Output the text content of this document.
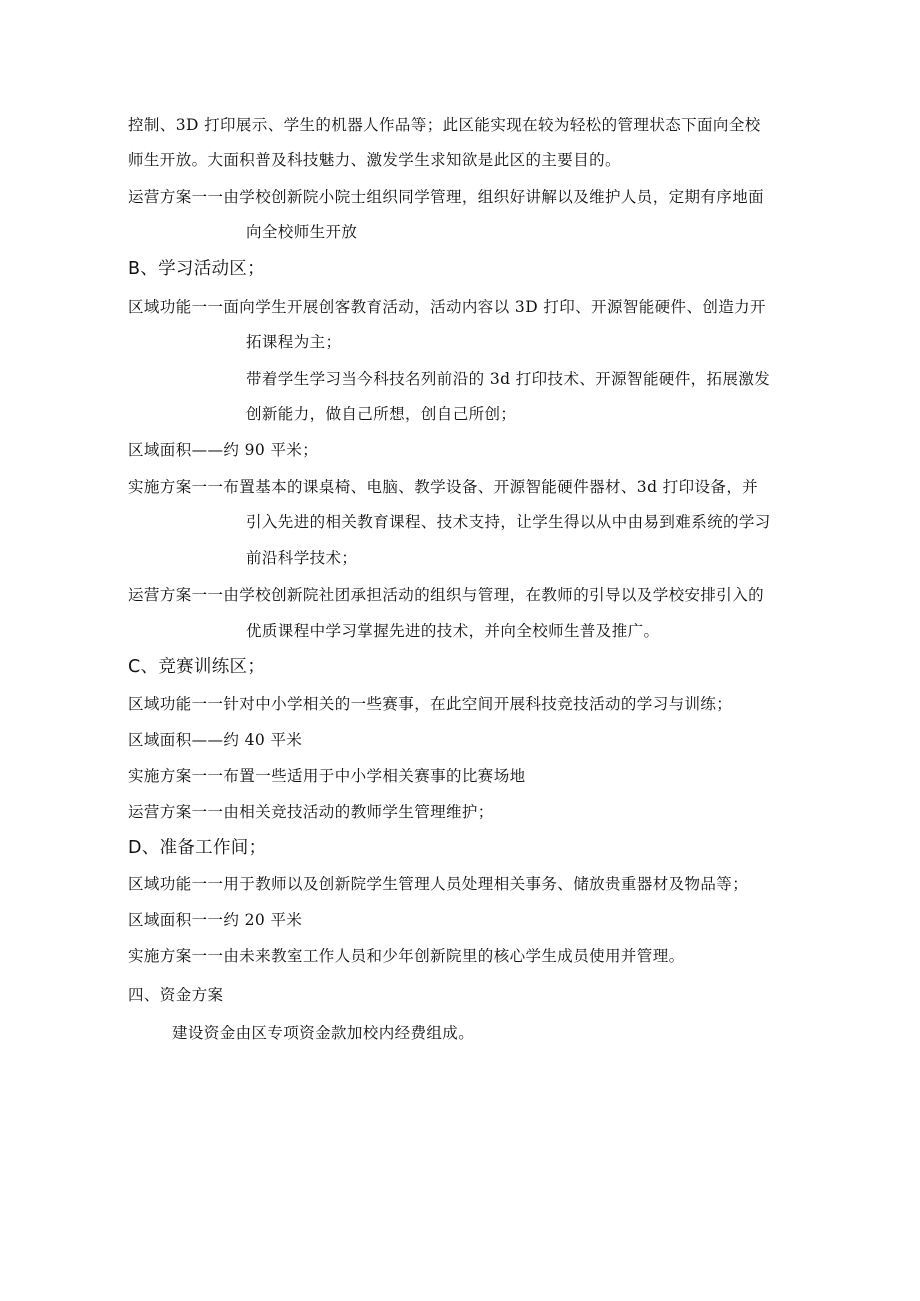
控制、3D 打印展示、学生的机器人作品等；此区能实现在较为轻松的管理状态下面向全校
师生开放。大面积普及科技魅力、激发学生求知欲是此区的主要目的。
运营方案一一由学校创新院小院士组织同学管理，组织好讲解以及维护人员，定期有序地面
向全校师生开放
B、学习活动区；
区域功能一一面向学生开展创客教育活动，活动内容以 3D 打印、开源智能硬件、创造力开
拓课程为主；
带着学生学习当今科技名列前沿的 3d 打印技术、开源智能硬件，拓展激发
创新能力，做自己所想，创自己所创；
区域面积——约 90 平米；
实施方案一一布置基本的课桌椅、电脑、教学设备、开源智能硬件器材、3d 打印设备，并
引入先进的相关教育课程、技术支持，让学生得以从中由易到难系统的学习
前沿科学技术；
运营方案一一由学校创新院社团承担活动的组织与管理，在教师的引导以及学校安排引入的
优质课程中学习掌握先进的技术，并向全校师生普及推广。
C、竞赛训练区；
区域功能一一针对中小学相关的一些赛事，在此空间开展科技竞技活动的学习与训练；
区域面积——约 40 平米
实施方案一一布置一些适用于中小学相关赛事的比赛场地
运营方案一一由相关竞技活动的教师学生管理维护；
D、准备工作间；
区域功能一一用于教师以及创新院学生管理人员处理相关事务、储放贵重器材及物品等；
区域面积一一约 20 平米
实施方案一一由未来教室工作人员和少年创新院里的核心学生成员使用并管理。
四、资金方案
建设资金由区专项资金款加校内经费组成。
